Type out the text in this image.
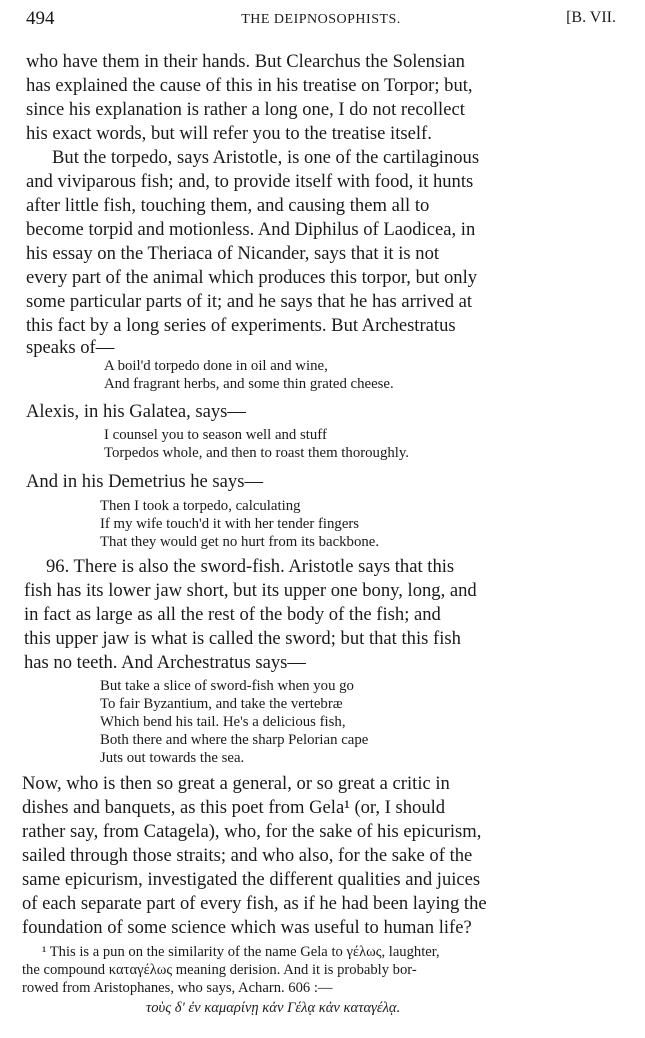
494	THE DEIPNOSOPHISTS.	[B. VII.
who have them in their hands. But Clearchus the Solensian
has explained the cause of this in his treatise on Torpor; but,
since his explanation is rather a long one, I do not recollect
his exact words, but will refer you to the treatise itself.
But the torpedo, says Aristotle, is one of the cartilaginous
and viviparous fish; and, to provide itself with food, it hunts
after little fish, touching them, and causing them all to
become torpid and motionless. And Diphilus of Laodicea, in
his essay on the Theriaca of Nicander, says that it is not
every part of the animal which produces this torpor, but only
some particular parts of it; and he says that he has arrived at
this fact by a long series of experiments. But Archestratus
speaks of—
A boil'd torpedo done in oil and wine,
And fragrant herbs, and some thin grated cheese.
Alexis, in his Galatea, says—
I counsel you to season well and stuff
Torpedos whole, and then to roast them thoroughly.
And in his Demetrius he says—
Then I took a torpedo, calculating
If my wife touch'd it with her tender fingers
That they would get no hurt from its backbone.
96. There is also the sword-fish. Aristotle says that this
fish has its lower jaw short, but its upper one bony, long, and
in fact as large as all the rest of the body of the fish; and
this upper jaw is what is called the sword; but that this fish
has no teeth. And Archestratus says—
But take a slice of sword-fish when you go
To fair Byzantium, and take the vertebræ
Which bend his tail. He's a delicious fish,
Both there and where the sharp Pelorian cape
Juts out towards the sea.
Now, who is then so great a general, or so great a critic in
dishes and banquets, as this poet from Gela¹ (or, I should
rather say, from Catagela), who, for the sake of his epicurism,
sailed through those straits; and who also, for the sake of the
same epicurism, investigated the different qualities and juices
of each separate part of every fish, as if he had been laying the
foundation of some science which was useful to human life?
¹ This is a pun on the similarity of the name Gela to γέλως, laughter,
the compound καταγέλως meaning derision. And it is probably bor-
rowed from Aristophanes, who says, Acharn. 606 :—
τοὺς δ' ἐν καμαρίνῃ κἀν Γέλᾳ κἀν καταγέλᾳ.
